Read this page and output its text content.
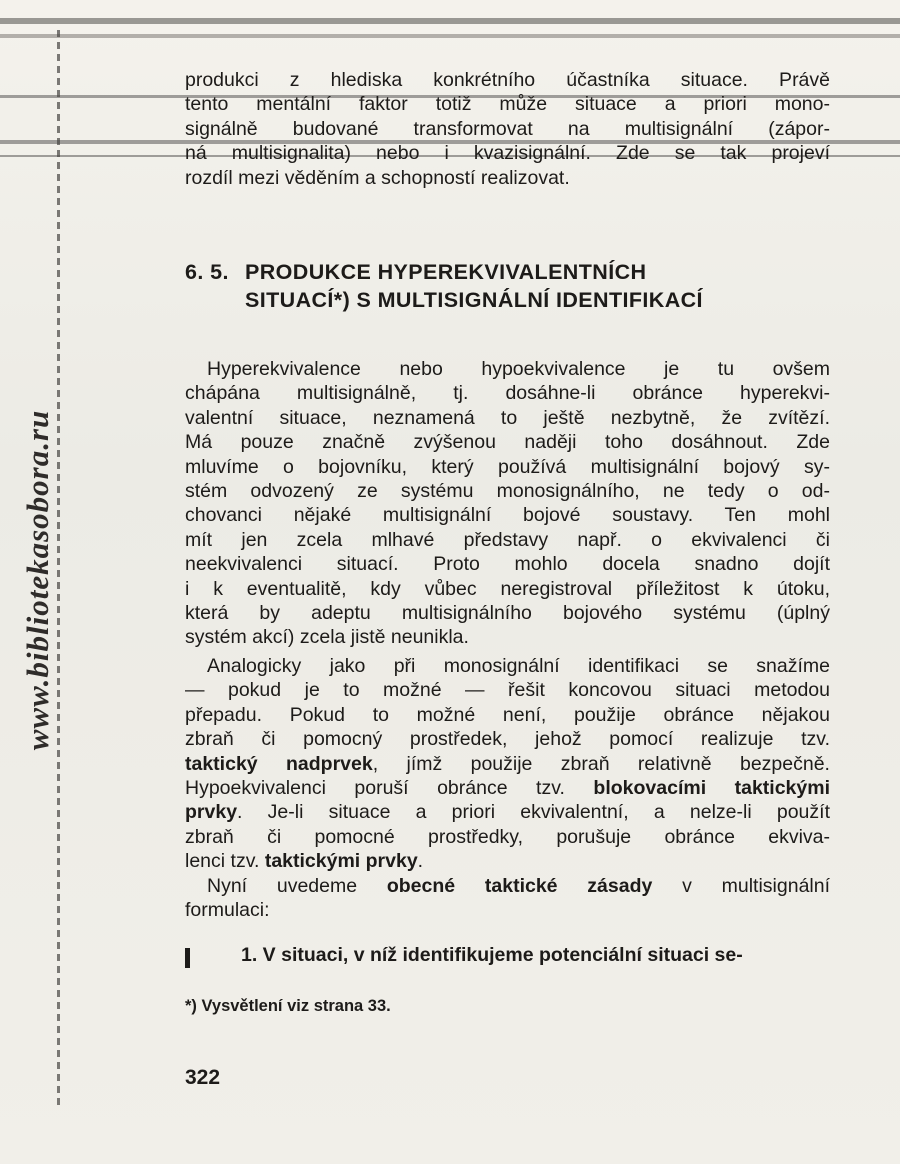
www.bibliotekasobora.ru
produkci z hlediska konkrétního účastníka situace. Právě
tento mentální faktor totiž může situace a priori mono-
signálně budované transformovat na multisignální (zápor-
ná multisignalita) nebo i kvazisignální. Zde se tak projeví
rozdíl mezi věděním a schopností realizovat.
6. 5. PRODUKCE HYPEREKVIVALENTNÍCH
SITUACÍ*) S MULTISIGNÁLNÍ IDENTIFIKACÍ
Hyperekvivalence nebo hypoekvivalence je tu ovšem
chápána multisignálně, tj. dosáhne-li obránce hyperekvi-
valentní situace, neznamená to ještě nezbytně, že zvítězí.
Má pouze značně zvýšenou naději toho dosáhnout. Zde
mluvíme o bojovníku, který používá multisignální bojový sy-
stém odvozený ze systému monosignálního, ne tedy o od-
chovanci nějaké multisignální bojové soustavy. Ten mohl
mít jen zcela mlhavé představy např. o ekvivalenci či
neekvivalenci situací. Proto mohlo docela snadno dojít
i k eventualitě, kdy vůbec neregistroval příležitost k útoku,
která by adeptu multisignálního bojového systému (úplný
systém akcí) zcela jistě neunikla.
Analogicky jako při monosignální identifikaci se snažíme
— pokud je to možné — řešit koncovou situaci metodou
přepadu. Pokud to možné není, použije obránce nějakou
zbraň či pomocný prostředek, jehož pomocí realizuje tzv.
taktický nadprvek, jímž použije zbraň relativně bezpečně.
Hypoekvivalenci poruší obránce tzv. blokovacími taktickými
prvky. Je-li situace a priori ekvivalentní, a nelze-li použít
zbraň či pomocné prostředky, porušuje obránce ekviva-
lenci tzv. taktickými prvky.
Nyní uvedeme obecné taktické zásady v multisignální
formulaci:
1. V situaci, v níž identifikujeme potenciální situaci se-
*) Vysvětlení viz strana 33.
322
